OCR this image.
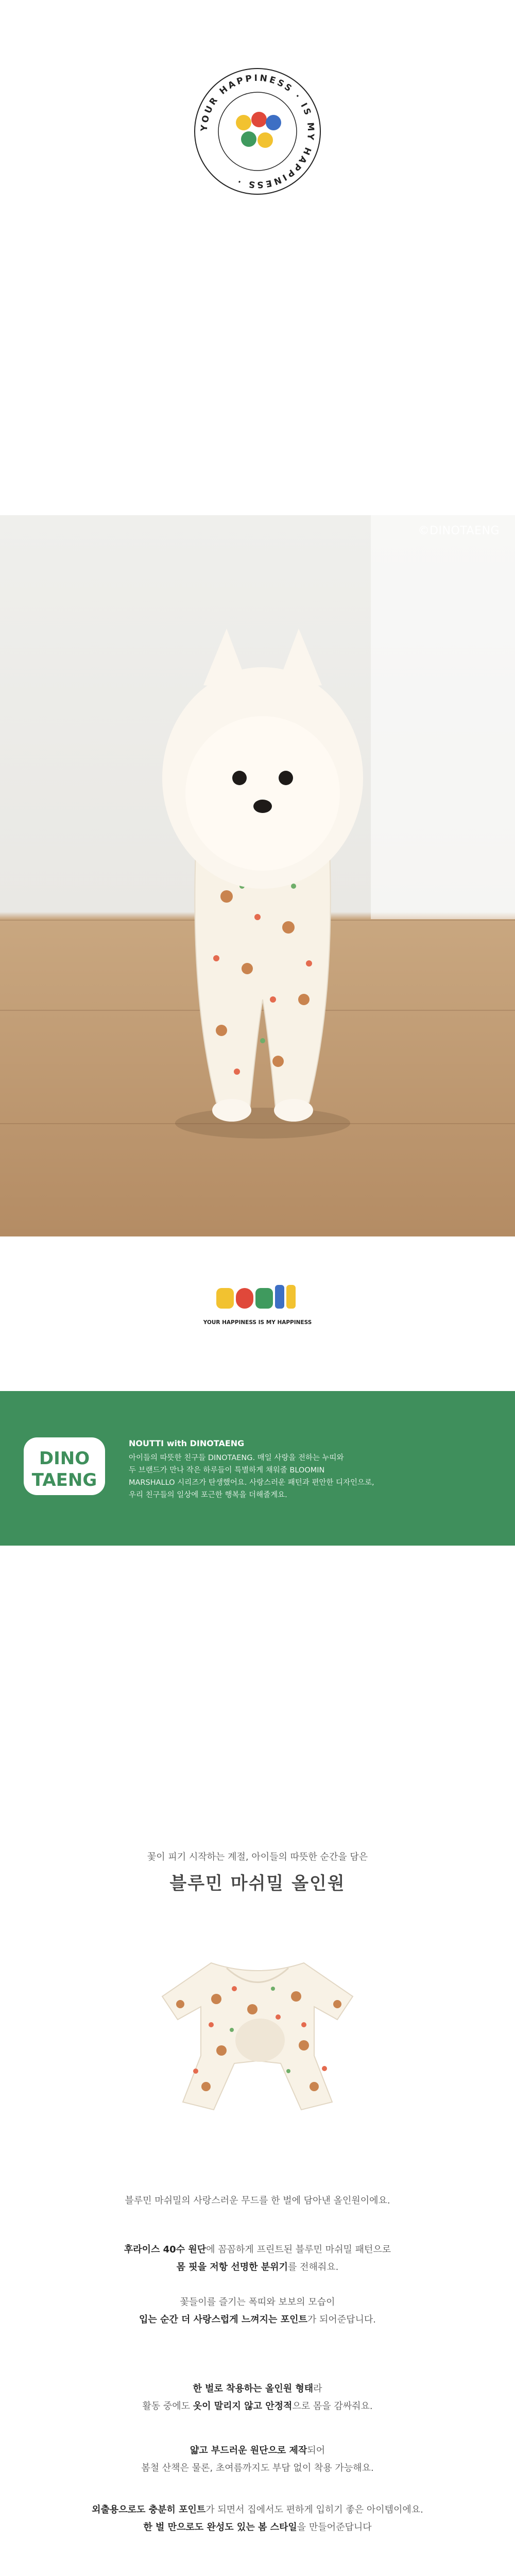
YOUR HAPPINESS · IS MY HAPPINESS ·
©DINOTAENG
YOUR HAPPINESS IS MY HAPPINESS
DINO
TAENG
NOUTTI with DINOTAENG

아이들의 따뜻한 친구들 DINOTAENG. 매일 사랑을 전하는 누띠와

두 브랜드가 만나 작은 하루들이 특별하게 채워줄 BLOOMIN

MARSHALLO 시리즈가 탄생했어요. 사랑스러운 패턴과 편안한 디자인으로,

우리 친구들의 일상에 포근한 행복을 더해줄게요.

꽃이 피기 시작하는 계절, 아이들의 따뜻한 순간을 담은
블루민 마쉬밀 올인원

블루민 마쉬밀의 사랑스러운 무드를 한 벌에 담아낸 올인원이에요.

후라이스 40수 원단에 꼼꼼하게 프린트된 블루민 마쉬밀 패턴으로

몸 핏을 저항 선명한 분위기를 전해줘요.

꽃들이를 즐기는 폭띠와 보보의 모습이

입는 순간 더 사랑스럽게 느껴지는 포인트가 되어준답니다.

한 벌로 착용하는 올인원 형태라

활동 중에도 옷이 말리지 않고 안정적으로 몸을 감싸줘요.

얇고 부드러운 원단으로 제작되어

봄철 산책은 물론, 초여름까지도 부담 없이 착용 가능해요.

외출용으로도 충분히 포인트가 되면서 집에서도 편하게 입히기 좋은 아이템이에요.

한 벌 만으로도 완성도 있는 봄 스타일을 만들어준답니다
